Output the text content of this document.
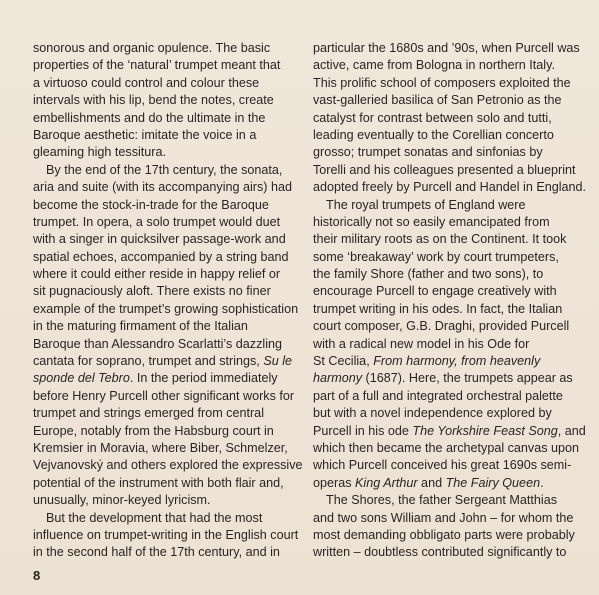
sonorous and organic opulence. The basic
properties of the ‘natural’ trumpet meant that
a virtuoso could control and colour these
intervals with his lip, bend the notes, create
embellishments and do the ultimate in the
Baroque aesthetic: imitate the voice in a
gleaming high tessitura.
By the end of the 17th century, the sonata,
aria and suite (with its accompanying airs) had
become the stock-in-trade for the Baroque
trumpet. In opera, a solo trumpet would duet
with a singer in quicksilver passage-work and
spatial echoes, accompanied by a string band
where it could either reside in happy relief or
sit pugnaciously aloft. There exists no finer
example of the trumpet’s growing sophistication
in the maturing firmament of the Italian
Baroque than Alessandro Scarlatti’s dazzling
cantata for soprano, trumpet and strings, Su le
sponde del Tebro. In the period immediately
before Henry Purcell other significant works for
trumpet and strings emerged from central
Europe, notably from the Habsburg court in
Kremsier in Moravia, where Biber, Schmelzer,
Vejvanovský and others explored the expressive
potential of the instrument with both flair and,
unusually, minor-keyed lyricism.
But the development that had the most
influence on trumpet-writing in the English court
in the second half of the 17th century, and in
particular the 1680s and ’90s, when Purcell was
active, came from Bologna in northern Italy.
This prolific school of composers exploited the
vast-galleried basilica of San Petronio as the
catalyst for contrast between solo and tutti,
leading eventually to the Corellian concerto
grosso; trumpet sonatas and sinfonias by
Torelli and his colleagues presented a blueprint
adopted freely by Purcell and Handel in England.
The royal trumpets of England were
historically not so easily emancipated from
their military roots as on the Continent. It took
some ‘breakaway’ work by court trumpeters,
the family Shore (father and two sons), to
encourage Purcell to engage creatively with
trumpet writing in his odes. In fact, the Italian
court composer, G.B. Draghi, provided Purcell
with a radical new model in his Ode for
St Cecilia, From harmony, from heavenly
harmony (1687). Here, the trumpets appear as
part of a full and integrated orchestral palette
but with a novel independence explored by
Purcell in his ode The Yorkshire Feast Song, and
which then became the archetypal canvas upon
which Purcell conceived his great 1690s semi-
operas King Arthur and The Fairy Queen.
The Shores, the father Sergeant Matthias
and two sons William and John – for whom the
most demanding obbligato parts were probably
written – doubtless contributed significantly to
8
